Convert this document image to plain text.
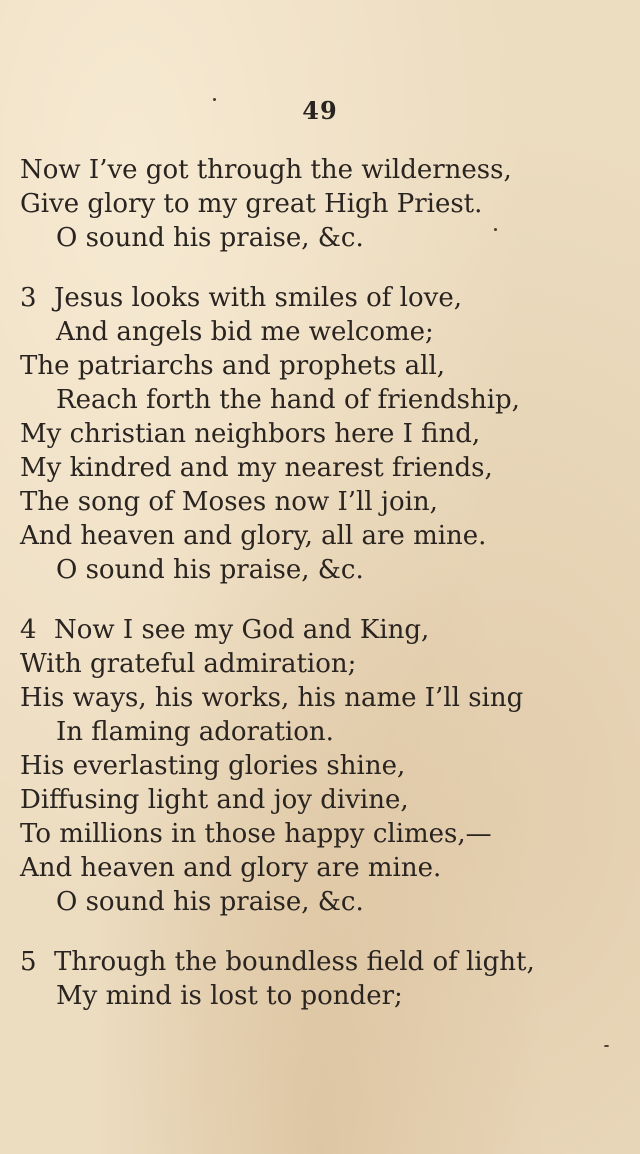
49
Now I’ve got through the wilderness,
Give glory to my great High Priest.
O sound his praise, &c.
3 Jesus looks with smiles of love,
And angels bid me welcome;
The patriarchs and prophets all,
Reach forth the hand of friendship,
My christian neighbors here I find,
My kindred and my nearest friends,
The song of Moses now I’ll join,
And heaven and glory, all are mine.
O sound his praise, &c.
4 Now I see my God and King,
With grateful admiration;
His ways, his works, his name I’ll sing
In flaming adoration.
His everlasting glories shine,
Diffusing light and joy divine,
To millions in those happy climes,—
And heaven and glory are mine.
O sound his praise, &c.
5 Through the boundless field of light,
My mind is lost to ponder;
